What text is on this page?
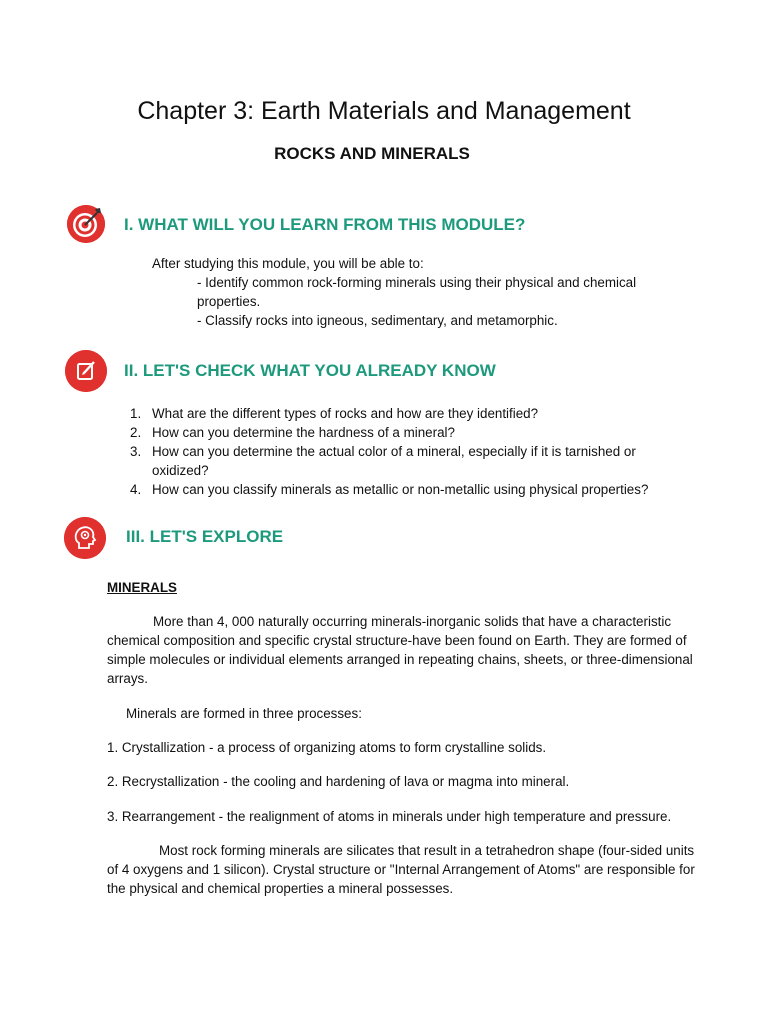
Chapter 3: Earth Materials and Management
ROCKS AND MINERALS
I. WHAT WILL YOU LEARN FROM THIS MODULE?
After studying this module, you will be able to:
- Identify common rock-forming minerals using their physical and chemical
properties.
- Classify rocks into igneous, sedimentary, and metamorphic.
II. LET'S CHECK WHAT YOU ALREADY KNOW
1. What are the different types of rocks and how are they identified?
2. How can you determine the hardness of a mineral?
3. How can you determine the actual color of a mineral, especially if it is tarnished or oxidized?
4. How can you classify minerals as metallic or non-metallic using physical properties?
III. LET'S EXPLORE
MINERALS
More than 4, 000 naturally occurring minerals-inorganic solids that have a characteristic chemical composition and specific crystal structure-have been found on Earth. They are formed of simple molecules or individual elements arranged in repeating chains, sheets, or three-dimensional arrays.
Minerals are formed in three processes:
1. Crystallization - a process of organizing atoms to form crystalline solids.
2. Recrystallization - the cooling and hardening of lava or magma into mineral.
3. Rearrangement - the realignment of atoms in minerals under high temperature and pressure.
Most rock forming minerals are silicates that result in a tetrahedron shape (four-sided units of 4 oxygens and 1 silicon). Crystal structure or "Internal Arrangement of Atoms" are responsible for the physical and chemical properties a mineral possesses.
